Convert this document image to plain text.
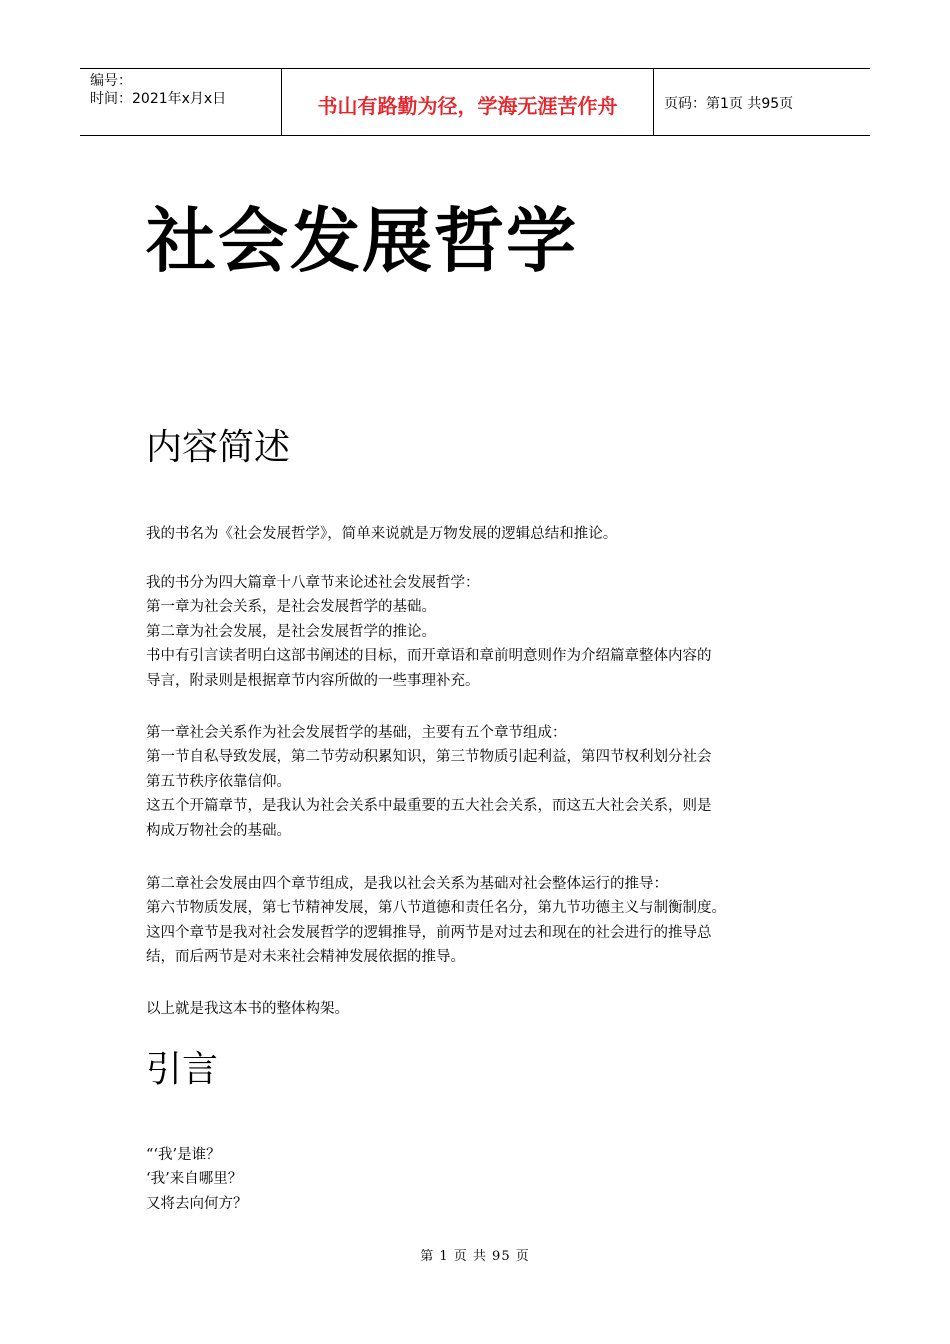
编号：
时间：2021年x月x日	书山有路勤为径，学海无涯苦作舟	页码：第1页 共95页
社会发展哲学
内容简述

我的书名为《社会发展哲学》，简单来说就是万物发展的逻辑总结和推论。

我的书分为四大篇章十八章节来论述社会发展哲学：

第一章为社会关系，是社会发展哲学的基础。

第二章为社会发展，是社会发展哲学的推论。

书中有引言读者明白这部书阐述的目标，而开章语和章前明意则作为介绍篇章整体内容的

导言，附录则是根据章节内容所做的一些事理补充。

第一章社会关系作为社会发展哲学的基础，主要有五个章节组成：

第一节自私导致发展，第二节劳动积累知识，第三节物质引起利益，第四节权利划分社会

第五节秩序依靠信仰。

这五个开篇章节，是我认为社会关系中最重要的五大社会关系，而这五大社会关系，则是

构成万物社会的基础。

第二章社会发展由四个章节组成，是我以社会关系为基础对社会整体运行的推导：

第六节物质发展，第七节精神发展，第八节道德和责任名分，第九节功德主义与制衡制度。

这四个章节是我对社会发展哲学的逻辑推导，前两节是对过去和现在的社会进行的推导总

结，而后两节是对未来社会精神发展依据的推导。

以上就是我这本书的整体构架。

引言

“‘我’是谁？

‘我’来自哪里？

又将去向何方？

第 1 页 共 95 页
